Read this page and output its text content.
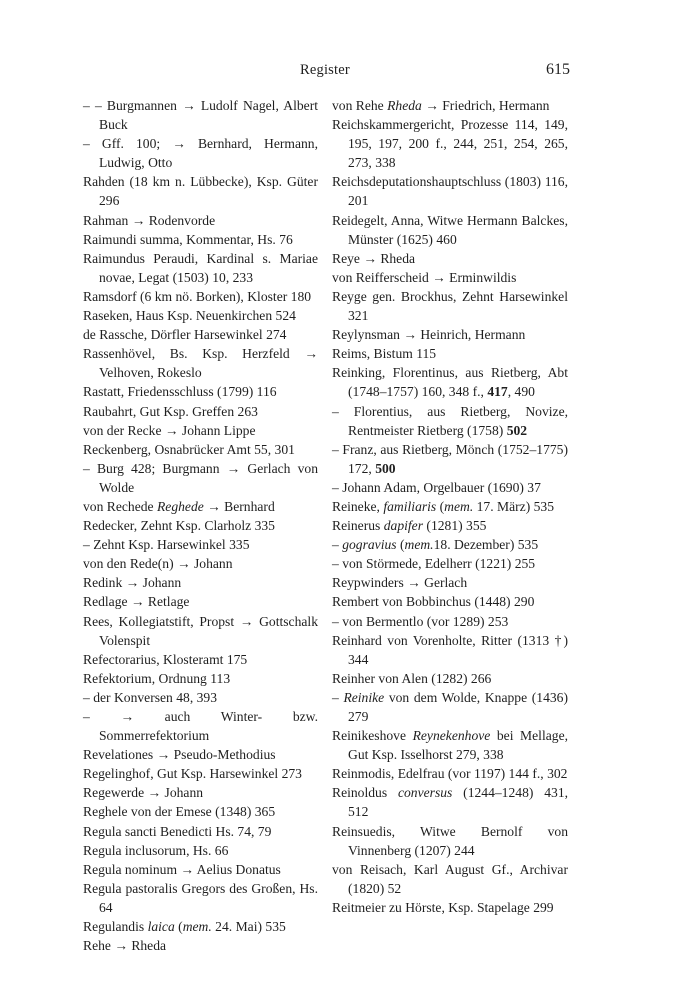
Register	615
– – Burgmannen → Ludolf Nagel, Albert Buck
– Gff. 100; → Bernhard, Hermann, Ludwig, Otto
Rahden (18 km n. Lübbecke), Ksp. Güter 296
Rahman → Rodenvorde
Raimundi summa, Kommentar, Hs. 76
Raimundus Peraudi, Kardinal s. Mariae novae, Legat (1503) 10, 233
Ramsdorf (6 km nö. Borken), Kloster 180
Raseken, Haus Ksp. Neuenkirchen 524
de Rassche, Dörfler Harsewinkel 274
Rassenhövel, Bs. Ksp. Herzfeld → Velhoven, Rokeslo
Rastatt, Friedensschluss (1799) 116
Raubahrt, Gut Ksp. Greffen 263
von der Recke → Johann Lippe
Reckenberg, Osnabrücker Amt 55, 301
– Burg 428; Burgmann → Gerlach von Wolde
von Rechede Reghede → Bernhard
Redecker, Zehnt Ksp. Clarholz 335
– Zehnt Ksp. Harsewinkel 335
von den Rede(n) → Johann
Redink → Johann
Redlage → Retlage
Rees, Kollegiatstift, Propst → Gottschalk Volenspit
Refectorarius, Klosteramt 175
Refektorium, Ordnung 113
– der Konversen 48, 393
– → auch Winter- bzw. Sommerrefektorium
Revelationes → Pseudo-Methodius
Regelinghof, Gut Ksp. Harsewinkel 273
Regewerde → Johann
Reghele von der Emese (1348) 365
Regula sancti Benedicti Hs. 74, 79
Regula inclusorum, Hs. 66
Regula nominum → Aelius Donatus
Regula pastoralis Gregors des Großen, Hs. 64
Regulandis laica (mem. 24. Mai) 535
Rehe → Rheda
von Rehe Rheda → Friedrich, Hermann
Reichskammergericht, Prozesse 114, 149, 195, 197, 200 f., 244, 251, 254, 265, 273, 338
Reichsdeputationshauptschluss (1803) 116, 201
Reidegelt, Anna, Witwe Hermann Balckes, Münster (1625) 460
Reye → Rheda
von Reifferscheid → Erminwildis
Reyge gen. Brockhus, Zehnt Harsewinkel 321
Reylynsman → Heinrich, Hermann
Reims, Bistum 115
Reinking, Florentinus, aus Rietberg, Abt (1748–1757) 160, 348 f., 417, 490
– Florentius, aus Rietberg, Novize, Rentmeister Rietberg (1758) 502
– Franz, aus Rietberg, Mönch (1752–1775) 172, 500
– Johann Adam, Orgelbauer (1690) 37
Reineke, familiaris (mem. 17. März) 535
Reinerus dapifer (1281) 355
– gogravius (mem.18. Dezember) 535
– von Störmede, Edelherr (1221) 255
Reypwinders → Gerlach
Rembert von Bobbinchus (1448) 290
– von Bermentlo (vor 1289) 253
Reinhard von Vorenholte, Ritter (1313 †) 344
Reinher von Alen (1282) 266
– Reinike von dem Wolde, Knappe (1436) 279
Reinikeshove Reynekenhove bei Mellage, Gut Ksp. Isselhorst 279, 338
Reinmodis, Edelfrau (vor 1197) 144 f., 302
Reinoldus conversus (1244–1248) 431, 512
Reinsuedis, Witwe Bernolf von Vinnenberg (1207) 244
von Reisach, Karl August Gf., Archivar (1820) 52
Reitmeier zu Hörste, Ksp. Stapelage 299
